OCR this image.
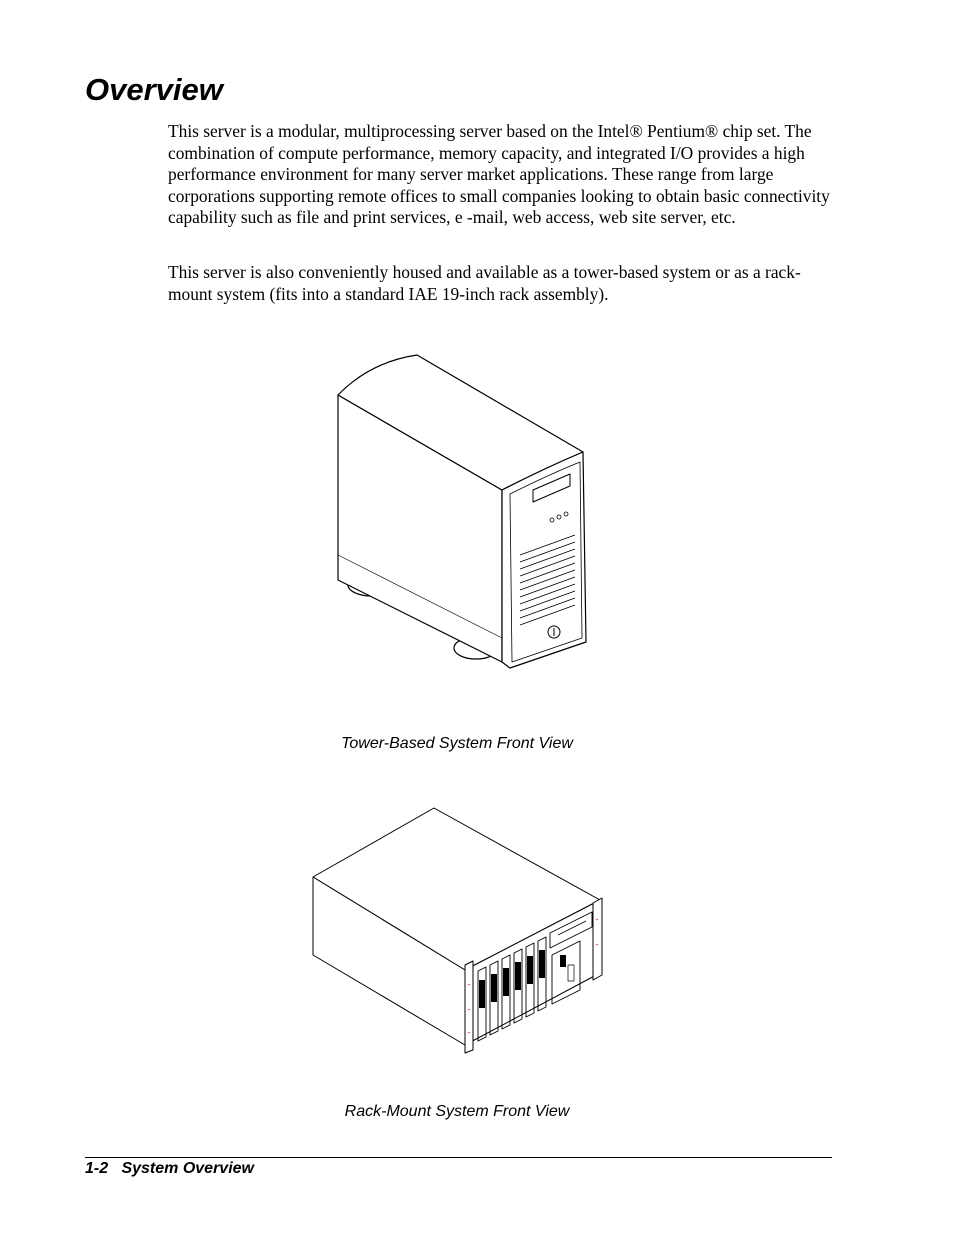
Overview

This server is a modular, multiprocessing server based on the Intel® Pentium® chip set. The combination of compute performance, memory capacity, and integrated I/O provides a high performance environment for many server market applications. These range from large corporations supporting remote offices to small companies looking to obtain basic connectivity capability such as file and print services, e -mail, web access, web site server, etc.

This server is also conveniently housed and available as a tower-based system or as a rack-mount system (fits into a standard IAE 19-inch rack assembly).

Tower-Based System Front View

Rack-Mount System Front View

1-2   System Overview
